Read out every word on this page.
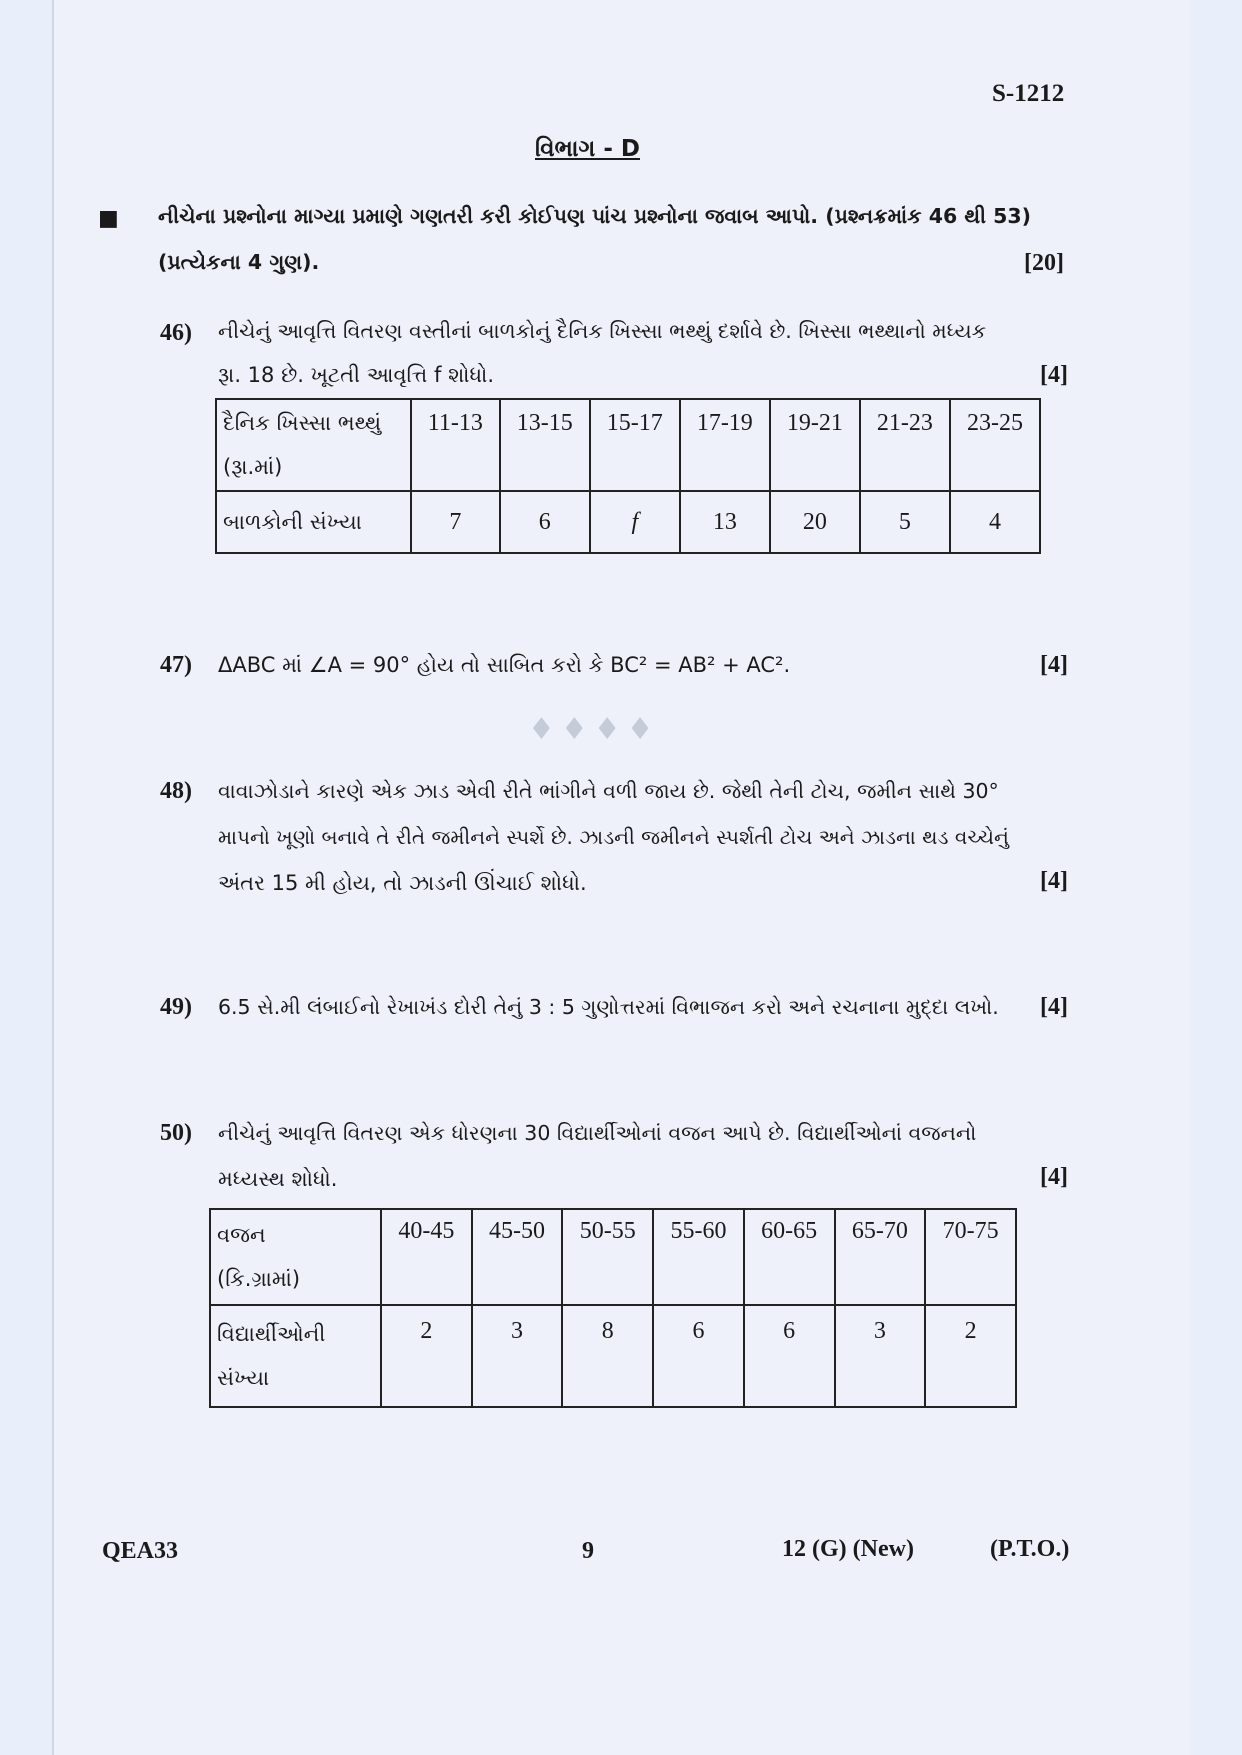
♦♦♦♦
S-1212
વિભાગ - D
■ નીચેના પ્રશ્નોના માગ્યા પ્રમાણે ગણતરી કરી કોઈપણ પાંચ પ્રશ્નોના જવાબ આપો. (પ્રશ્નક્રમાંક 46 થી 53)
(પ્રત્યેકના 4 ગુણ).	[20]
46) નીચેનું આવૃત્તિ વિતરણ વસ્તીનાં બાળકોનું દૈનિક ખિસ્સા ભથ્થું દર્શાવે છે. ખિસ્સા ભથ્થાનો મધ્યક
રૂા. 18 છે. ખૂટતી આવૃત્તિ f શોધો.	[4]
દૈનિક ખિસ્સા ભથ્થું
(રૂા.માં)	11-13	13-15	15-17	17-19	19-21	21-23	23-25
બાળકોની સંખ્યા	7	6	f	13	20	5	4
47) ΔABC માં ∠A = 90° હોય તો સાબિત કરો કે BC² = AB² + AC².	[4]
48) વાવાઝોડાને કારણે એક ઝાડ એવી રીતે ભાંગીને વળી જાય છે. જેથી તેની ટોચ, જમીન સાથે 30°
માપનો ખૂણો બનાવે તે રીતે જમીનને સ્પર્શે છે. ઝાડની જમીનને સ્પર્શતી ટોચ અને ઝાડના થડ વચ્ચેનું
અંતર 15 મી હોય, તો ઝાડની ઊંચાઈ શોધો.	[4]
49) 6.5 સે.મી લંબાઈનો રેખાખંડ દોરી તેનું 3 : 5 ગુણોત્તરમાં વિભાજન કરો અને રચનાના મુદ્દા લખો. [4]
50) નીચેનું આવૃત્તિ વિતરણ એક ધોરણના 30 વિદ્યાર્થીઓનાં વજન આપે છે. વિદ્યાર્થીઓનાં વજનનો
મધ્યસ્થ શોધો.	[4]
વજન
(કિ.ગ્રામાં)	40-45	45-50	50-55	55-60	60-65	65-70	70-75

વિદ્યાર્થીઓની
સંખ્યા	2	3	8	6	6	3	2
QEA33	9	12 (G) (New)	(P.T.O.)
